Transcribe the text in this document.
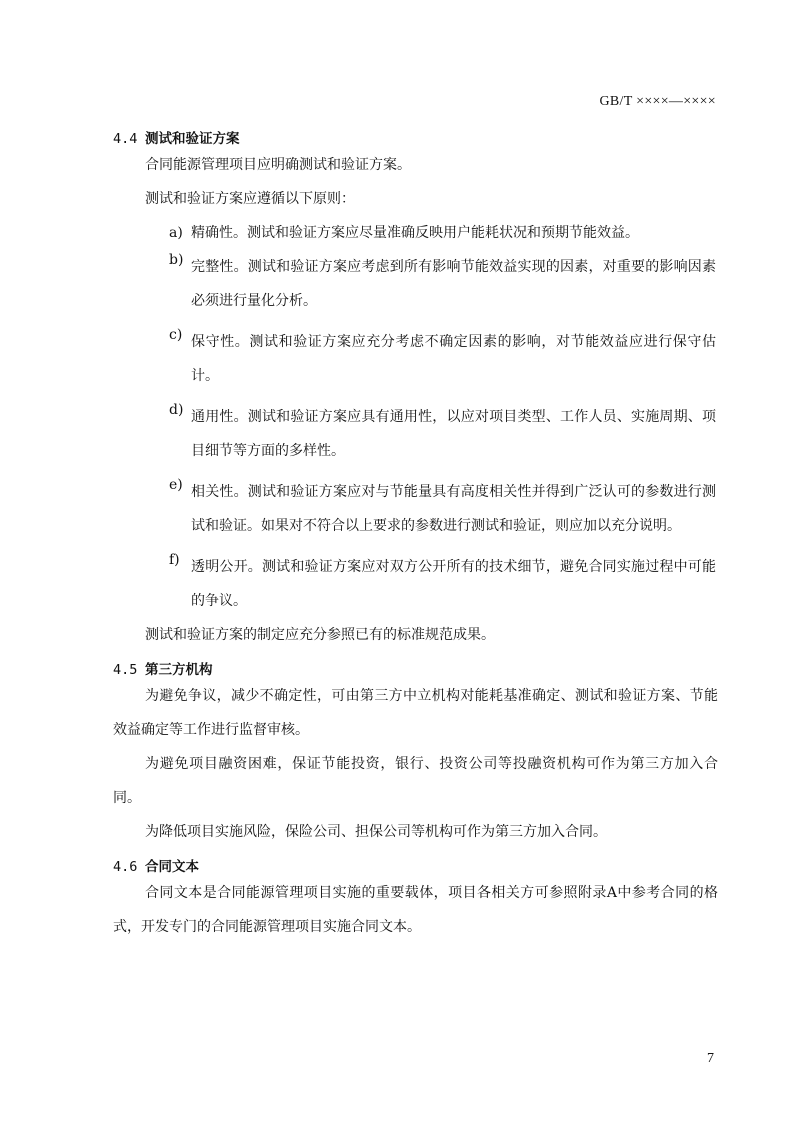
GB/T ××××—××××
4.4 测试和验证方案
合同能源管理项目应明确测试和验证方案。
测试和验证方案应遵循以下原则：
a) 精确性。测试和验证方案应尽量准确反映用户能耗状况和预期节能效益。
b) 完整性。测试和验证方案应考虑到所有影响节能效益实现的因素，对重要的影响因素必须进行量化分析。
c) 保守性。测试和验证方案应充分考虑不确定因素的影响，对节能效益应进行保守估计。
d) 通用性。测试和验证方案应具有通用性，以应对项目类型、工作人员、实施周期、项目细节等方面的多样性。
e) 相关性。测试和验证方案应对与节能量具有高度相关性并得到广泛认可的参数进行测试和验证。如果对不符合以上要求的参数进行测试和验证，则应加以充分说明。
f) 透明公开。测试和验证方案应对双方公开所有的技术细节，避免合同实施过程中可能的争议。
测试和验证方案的制定应充分参照已有的标准规范成果。
4.5 第三方机构
为避免争议，减少不确定性，可由第三方中立机构对能耗基准确定、测试和验证方案、节能效益确定等工作进行监督审核。
为避免项目融资困难，保证节能投资，银行、投资公司等投融资机构可作为第三方加入合同。
为降低项目实施风险，保险公司、担保公司等机构可作为第三方加入合同。
4.6 合同文本
合同文本是合同能源管理项目实施的重要载体，项目各相关方可参照附录A中参考合同的格式，开发专门的合同能源管理项目实施合同文本。
7
